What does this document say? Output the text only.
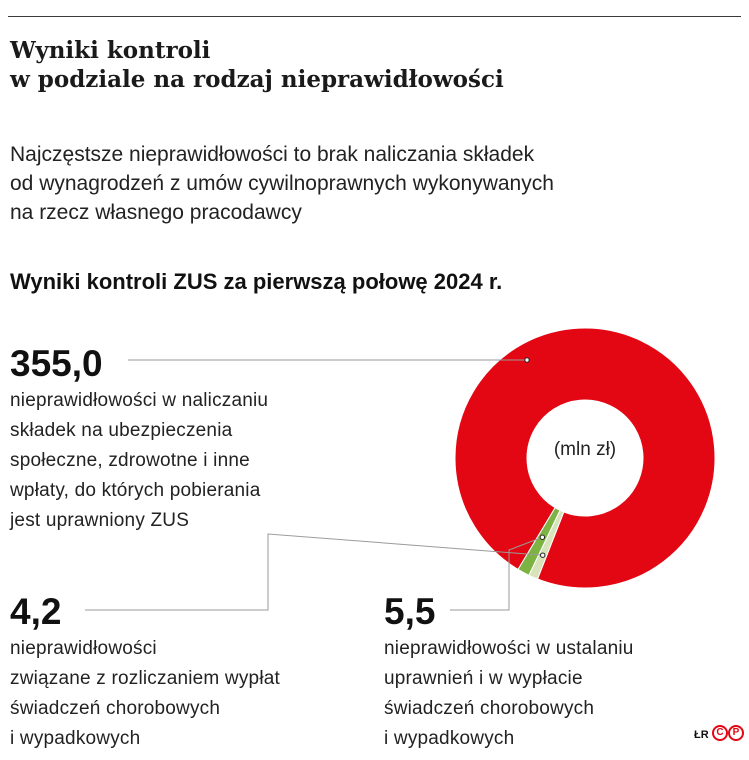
Wyniki kontroli
w podziale na rodzaj nieprawidłowości

Najczęstsze nieprawidłowości to brak naliczania składek
od wynagrodzeń z umów cywilnoprawnych wykonywanych
na rzecz własnego pracodawcy

Wyniki kontroli ZUS za pierwszą połowę 2024 r.
(mln zł)
355,0
nieprawidłowości w naliczaniu
składek na ubezpieczenia
społeczne, zdrowotne i inne
wpłaty, do których pobierania
jest uprawniony ZUS
4,2
nieprawidłowości
związane z rozliczaniem wypłat
świadczeń chorobowych
i wypadkowych
5,5
nieprawidłowości w ustalaniu
uprawnień i w wypłacie
świadczeń chorobowych
i wypadkowych	ŁR C P
